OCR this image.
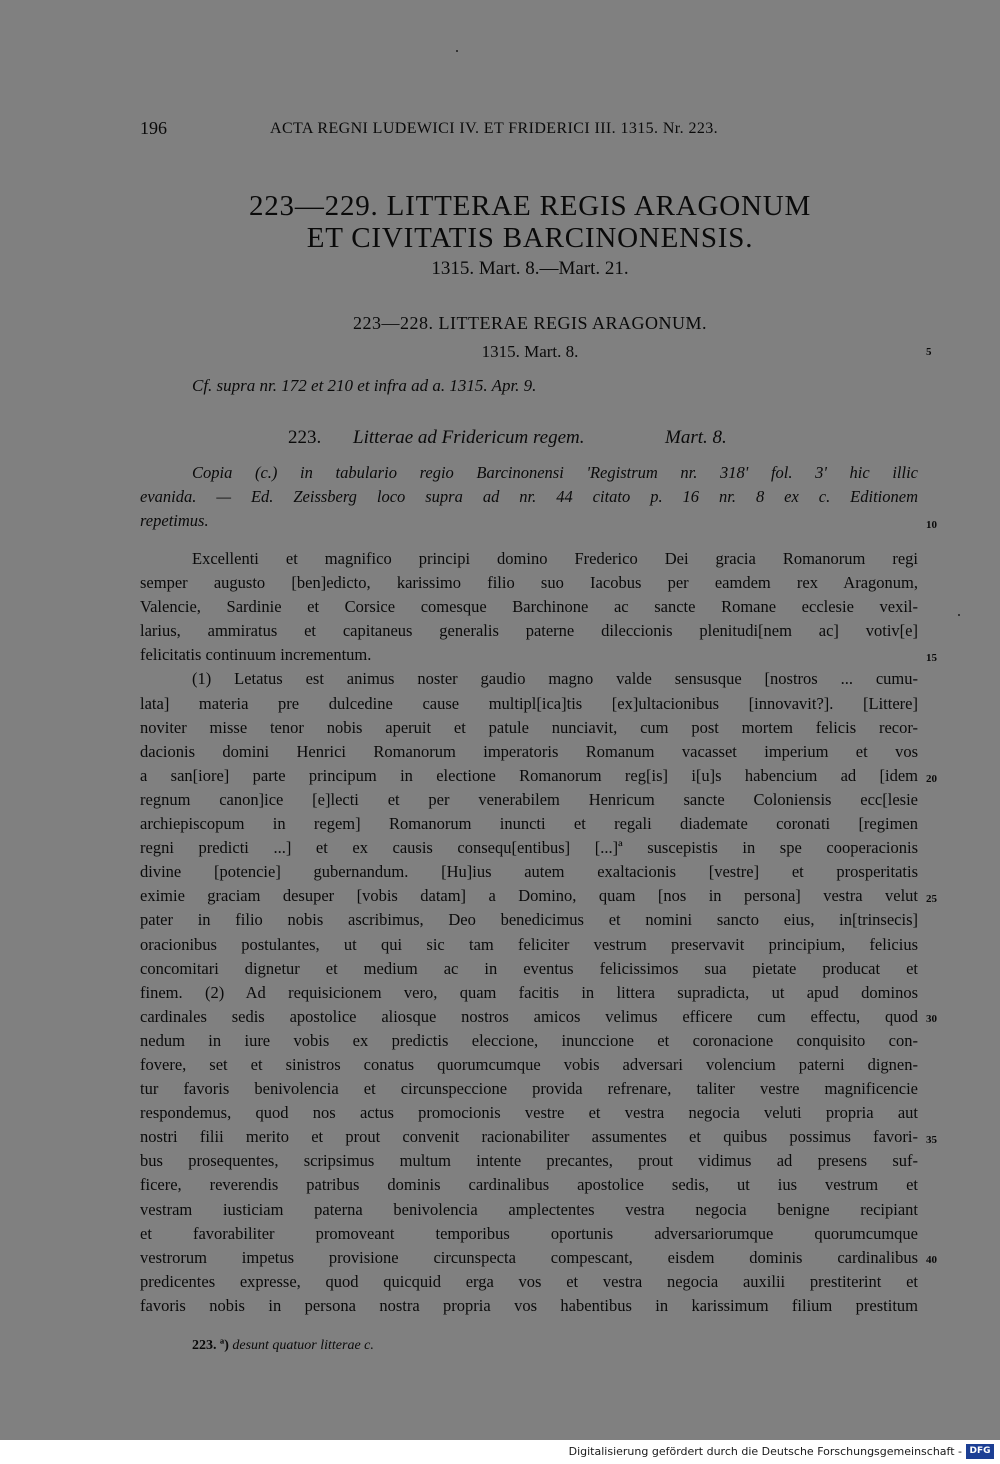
196	ACTA REGNI LUDEWICI IV. ET FRIDERICI III. 1315. Nr. 223.
223—229. LITTERAE REGIS ARAGONUM
ET CIVITATIS BARCINONENSIS.
1315. Mart. 8.—Mart. 21.
223—228. LITTERAE REGIS ARAGONUM.
1315. Mart. 8.
Cf. supra nr. 172 et 210 et infra ad a. 1315. Apr. 9.
223. Litterae ad Fridericum regem.	Mart. 8.
Copia (c.) in tabulario regio Barcinonensi 'Registrum nr. 318' fol. 3' hic illic
evanida. — Ed. Zeissberg loco supra ad nr. 44 citato p. 16 nr. 8 ex c. Editionem
repetimus.
Excellenti et magnifico principi domino Frederico Dei gracia Romanorum regi
semper augusto [ben]edicto, karissimo filio suo Iacobus per eamdem rex Aragonum,
Valencie, Sardinie et Corsice comesque Barchinone ac sancte Romane ecclesie vexil-
larius, ammiratus et capitaneus generalis paterne dileccionis plenitudi[nem ac] votiv[e]
felicitatis continuum incrementum.
(1) Letatus est animus noster gaudio magno valde sensusque [nostros ... cumu-
lata] materia pre dulcedine cause multipl[ica]tis [ex]ultacionibus [innovavit?]. [Littere]
noviter misse tenor nobis aperuit et patule nunciavit, cum post mortem felicis recor-
dacionis domini Henrici Romanorum imperatoris Romanum vacasset imperium et vos
a san[iore] parte principum in electione Romanorum reg[is] i[u]s habencium ad [idem
regnum canon]ice [e]lecti et per venerabilem Henricum sancte Coloniensis ecc[lesie
archiepiscopum in regem] Romanorum inuncti et regali diademate coronati [regimen
regni predicti ...] et ex causis consequ[entibus] [...]ª suscepistis in spe cooperacionis
divine [potencie] gubernandum. [Hu]ius autem exaltacionis [vestre] et prosperitatis
eximie graciam desuper [vobis datam] a Domino, quam [nos in persona] vestra velut
pater in filio nobis ascribimus, Deo benedicimus et nomini sancto eius, in[trinsecis]
oracionibus postulantes, ut qui sic tam feliciter vestrum preservavit principium, felicius
concomitari dignetur et medium ac in eventus felicissimos sua pietate producat et
finem. (2) Ad requisicionem vero, quam facitis in littera supradicta, ut apud dominos
cardinales sedis apostolice aliosque nostros amicos velimus efficere cum effectu, quod
nedum in iure vobis ex predictis eleccione, inunccione et coronacione conquisito con-
fovere, set et sinistros conatus quorumcumque vobis adversari volencium paterni dignen-
tur favoris benivolencia et circunspeccione provida refrenare, taliter vestre magnificencie
respondemus, quod nos actus promocionis vestre et vestra negocia veluti propria aut
nostri filii merito et prout convenit racionabiliter assumentes et quibus possimus favori-
bus prosequentes, scripsimus multum intente precantes, prout vidimus ad presens suf-
ficere, reverendis patribus dominis cardinalibus apostolice sedis, ut ius vestrum et
vestram iusticiam paterna benivolencia amplectentes vestra negocia benigne recipiant
et favorabiliter promoveant temporibus oportunis adversariorumque quorumcumque
vestrorum impetus provisione circunspecta compescant, eisdem dominis cardinalibus
predicentes expresse, quod quicquid erga vos et vestra negocia auxilii prestiterint et
favoris nobis in persona nostra propria vos habentibus in karissimum filium prestitum
5
10
15
20
25
30
35
40
223. ª) desunt quatuor litterae c.
Digitalisierung gefördert durch die Deutsche Forschungsgemeinschaft - DFG
